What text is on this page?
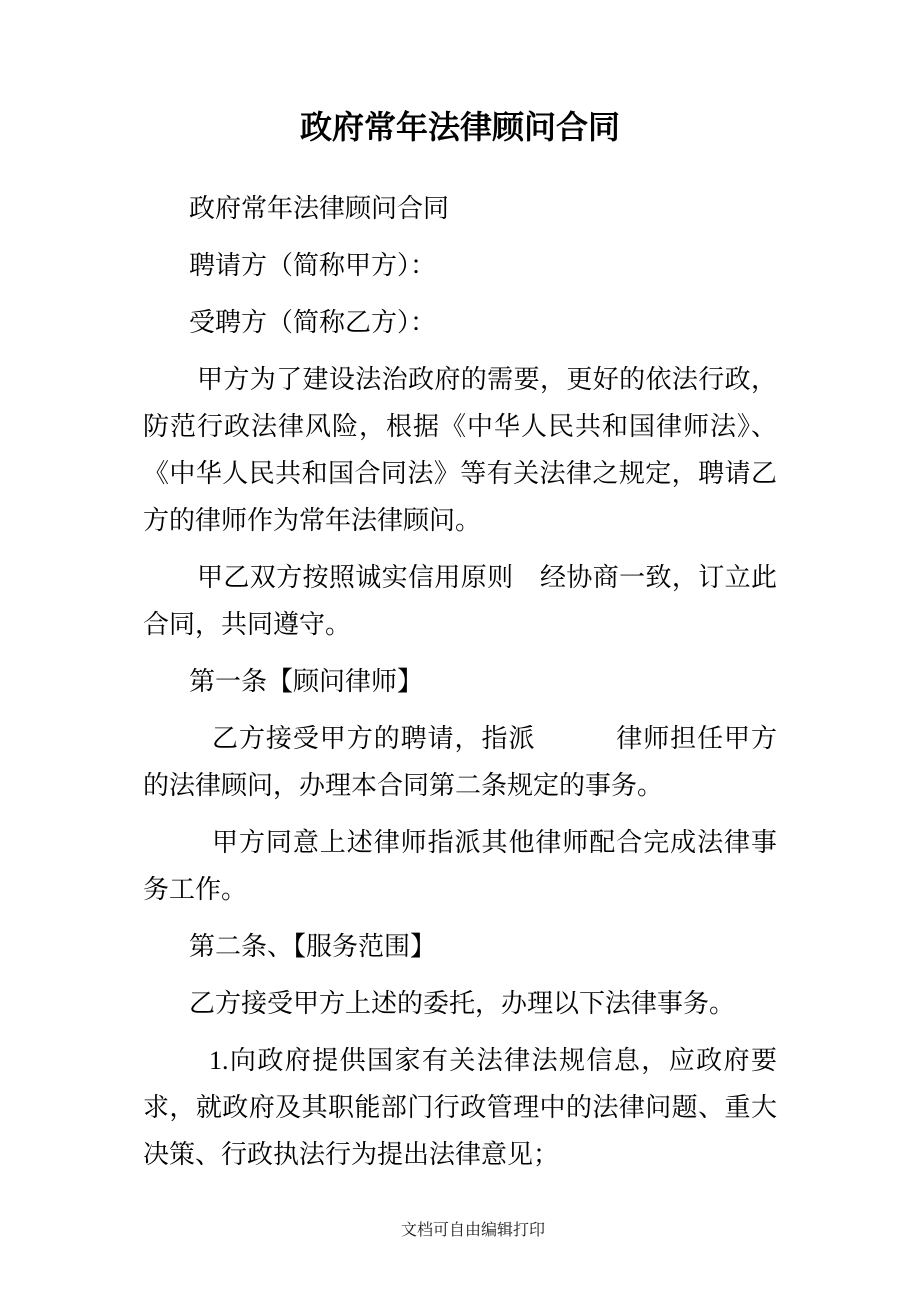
政府常年法律顾问合同

政府常年法律顾问合同

聘请方（简称甲方）：

受聘方（简称乙方）：

甲方为了建设法治政府的需要，更好的依法行政，防范行政法律风险，根据《中华人民共和国律师法》、《中华人民共和国合同法》等有关法律之规定，聘请乙方的律师作为常年法律顾问。

甲乙双方按照诚实信用原则　经协商一致，订立此合同，共同遵守。

第一条【顾问律师】

乙方接受甲方的聘请，指派　　　律师担任甲方的法律顾问，办理本合同第二条规定的事务。

甲方同意上述律师指派其他律师配合完成法律事务工作。

第二条、【服务范围】

乙方接受甲方上述的委托，办理以下法律事务。

1.向政府提供国家有关法律法规信息，应政府要求，就政府及其职能部门行政管理中的法律问题、重大决策、行政执法行为提出法律意见；

文档可自由编辑打印
